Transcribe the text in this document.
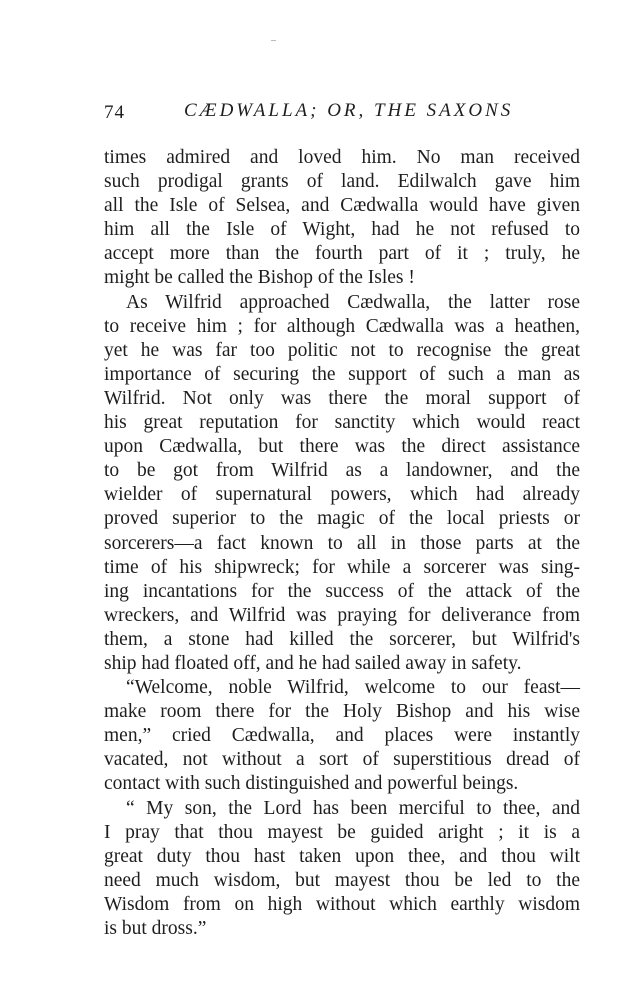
74	CÆDWALLA; OR, THE SAXONS
times admired and loved him. No man received
such prodigal grants of land. Edilwalch gave him
all the Isle of Selsea, and Cædwalla would have given
him all the Isle of Wight, had he not refused to
accept more than the fourth part of it ; truly, he
might be called the Bishop of the Isles !
As Wilfrid approached Cædwalla, the latter rose
to receive him ; for although Cædwalla was a heathen,
yet he was far too politic not to recognise the great
importance of securing the support of such a man as
Wilfrid. Not only was there the moral support of
his great reputation for sanctity which would react
upon Cædwalla, but there was the direct assistance
to be got from Wilfrid as a landowner, and the
wielder of supernatural powers, which had already
proved superior to the magic of the local priests or
sorcerers—a fact known to all in those parts at the
time of his shipwreck; for while a sorcerer was sing-
ing incantations for the success of the attack of the
wreckers, and Wilfrid was praying for deliverance from
them, a stone had killed the sorcerer, but Wilfrid's
ship had floated off, and he had sailed away in safety.
“Welcome, noble Wilfrid, welcome to our feast—
make room there for the Holy Bishop and his wise
men,” cried Cædwalla, and places were instantly
vacated, not without a sort of superstitious dread of
contact with such distinguished and powerful beings.
“ My son, the Lord has been merciful to thee, and
I pray that thou mayest be guided aright ; it is a
great duty thou hast taken upon thee, and thou wilt
need much wisdom, but mayest thou be led to the
Wisdom from on high without which earthly wisdom
is but dross.”
